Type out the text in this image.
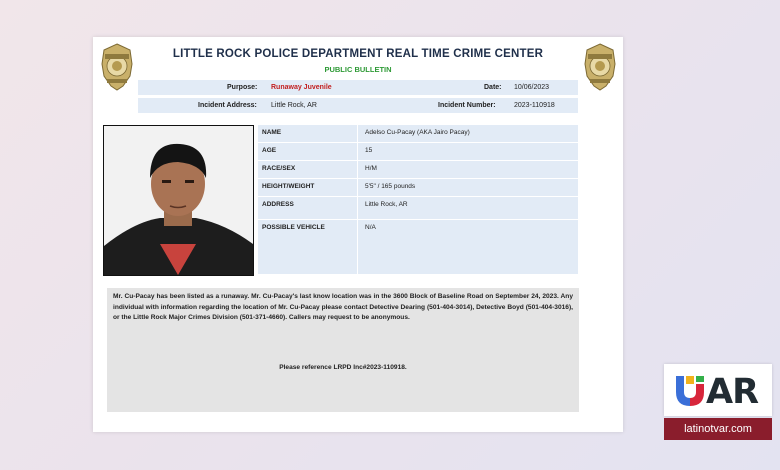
LITTLE ROCK POLICE DEPARTMENT REAL TIME CRIME CENTER
PUBLIC BULLETIN
Purpose: Runaway Juvenile	Date: 10/06/2023
Incident Address: Little Rock, AR	Incident Number:	2023-110918
NAME	Adelso Cu-Pacay (AKA Jairo Pacay)
AGE	15
RACE/SEX	H/M
HEIGHT/WEIGHT	5'5" / 165 pounds
ADDRESS	Little Rock, AR
POSSIBLE VEHICLE	N/A
Mr. Cu-Pacay has been listed as a runaway. Mr. Cu-Pacay's last know location was in the 3600 Block of Baseline Road on September 24, 2023. Any individual with information regarding the location of Mr. Cu-Pacay please contact Detective Dearing (501-404-3014), Detective Boyd (501-404-3016), or the Little Rock Major Crimes Division (501-371-4660). Callers may request to be anonymous.
Please reference LRPD Inc#2023-110918.
AR
latinotvar.com
